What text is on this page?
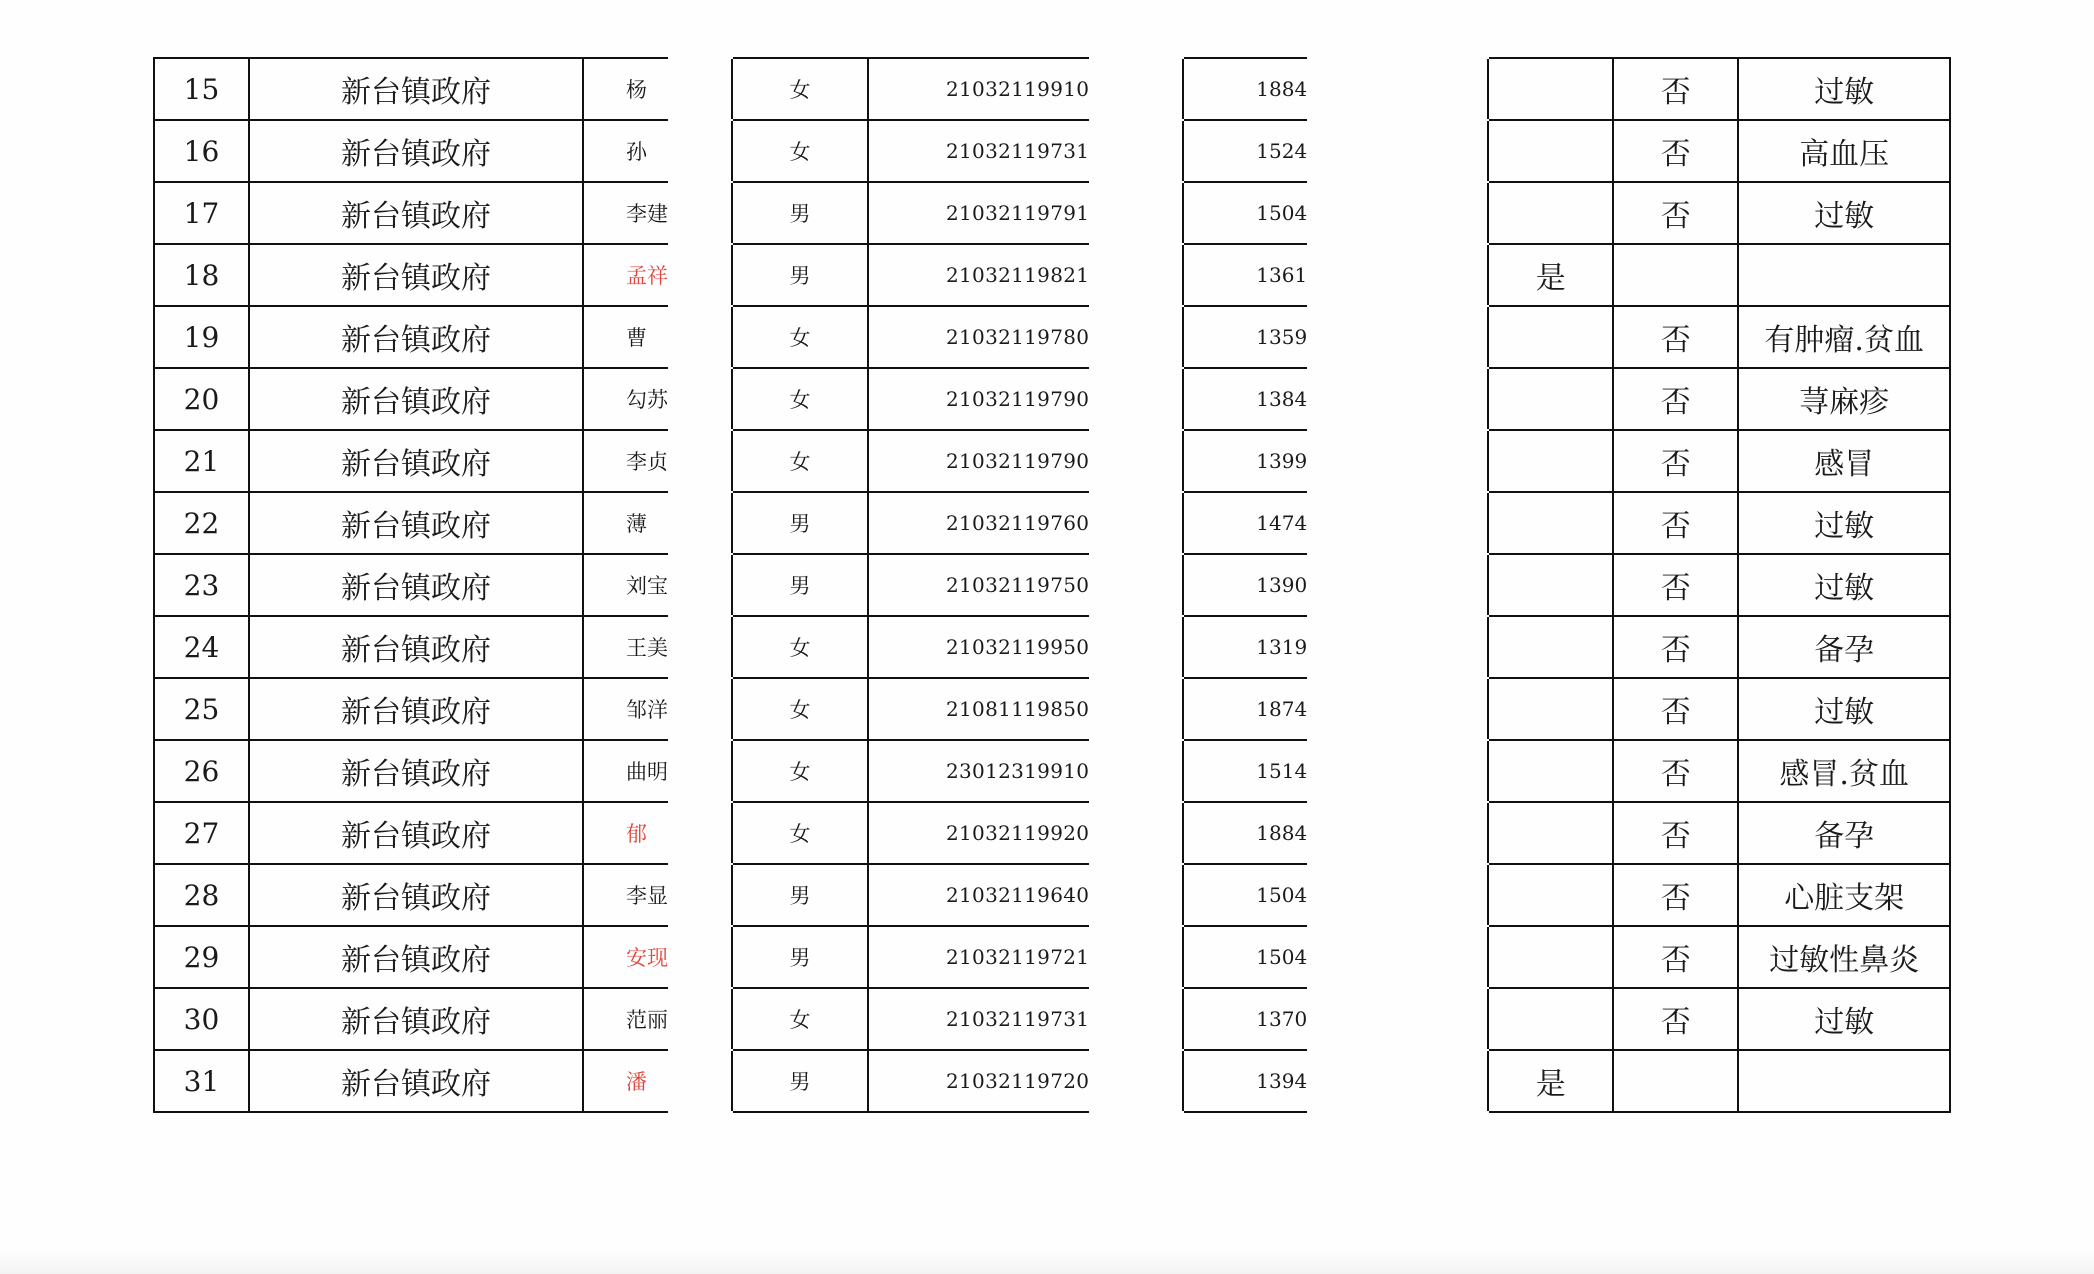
15	新台镇政府	杨		女	21032119910		1884			否	过敏
16	新台镇政府	孙		女	21032119731		1524			否	高血压
17	新台镇政府	李建		男	21032119791		1504			否	过敏
18	新台镇政府	孟祥		男	21032119821		1361		是		
19	新台镇政府	曹		女	21032119780		1359			否	有肿瘤.贫血
20	新台镇政府	勾苏		女	21032119790		1384			否	荨麻疹
21	新台镇政府	李贞		女	21032119790		1399			否	感冒
22	新台镇政府	薄		男	21032119760		1474			否	过敏
23	新台镇政府	刘宝		男	21032119750		1390			否	过敏
24	新台镇政府	王美		女	21032119950		1319			否	备孕
25	新台镇政府	邹洋		女	21081119850		1874			否	过敏
26	新台镇政府	曲明		女	23012319910		1514			否	感冒.贫血
27	新台镇政府	郁		女	21032119920		1884			否	备孕
28	新台镇政府	李显		男	21032119640		1504			否	心脏支架
29	新台镇政府	安现		男	21032119721		1504			否	过敏性鼻炎
30	新台镇政府	范丽		女	21032119731		1370			否	过敏
31	新台镇政府	潘		男	21032119720		1394		是		
